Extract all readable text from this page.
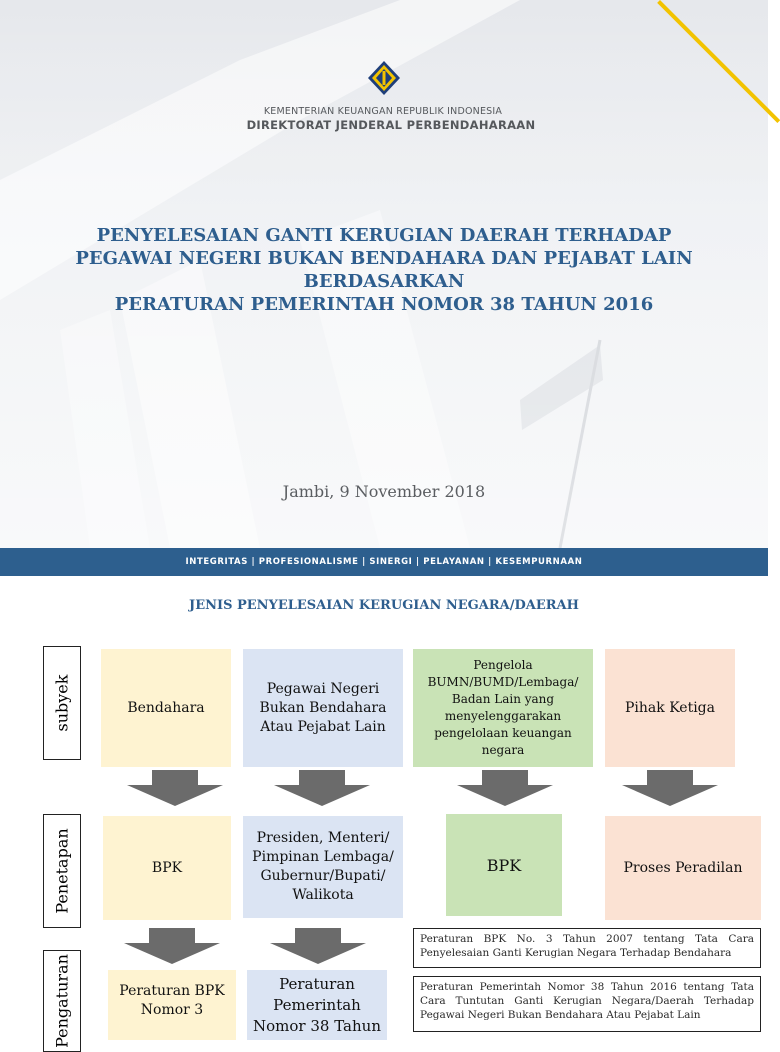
KEMENTERIAN KEUANGAN REPUBLIK INDONESIA
DIREKTORAT JENDERAL PERBENDAHARAAN
PENYELESAIAN GANTI KERUGIAN DAERAH TERHADAP
PEGAWAI NEGERI BUKAN BENDAHARA DAN PEJABAT LAIN
BERDASARKAN
PERATURAN PEMERINTAH NOMOR 38 TAHUN 2016
Jambi, 9 November 2018
INTEGRITAS | PROFESIONALISME | SINERGI | PELAYANAN | KESEMPURNAAN
JENIS PENYELESAIAN KERUGIAN NEGARA/DAERAH
subyek
Penetapan
Pengaturan
Bendahara
Pegawai Negeri Bukan Bendahara Atau Pejabat Lain
Pengelola BUMN/BUMD/Lembaga/ Badan Lain yang menyelenggarakan pengelolaan keuangan negara
Pihak Ketiga
BPK
Presiden, Menteri/ Pimpinan Lembaga/ Gubernur/Bupati/ Walikota
BPK	Proses Peradilan
Peraturan BPK No. 3 Tahun 2007 tentang Tata Cara Penyelesaian Ganti Kerugian Negara Terhadap Bendahara
Peraturan Pemerintah Nomor 38 Tahun 2016 tentang Tata Cara Tuntutan Ganti Kerugian Negara/Daerah Terhadap Pegawai Negeri Bukan Bendahara Atau Pejabat Lain
Peraturan BPK Nomor 3
Peraturan Pemerintah Nomor 38 Tahun
